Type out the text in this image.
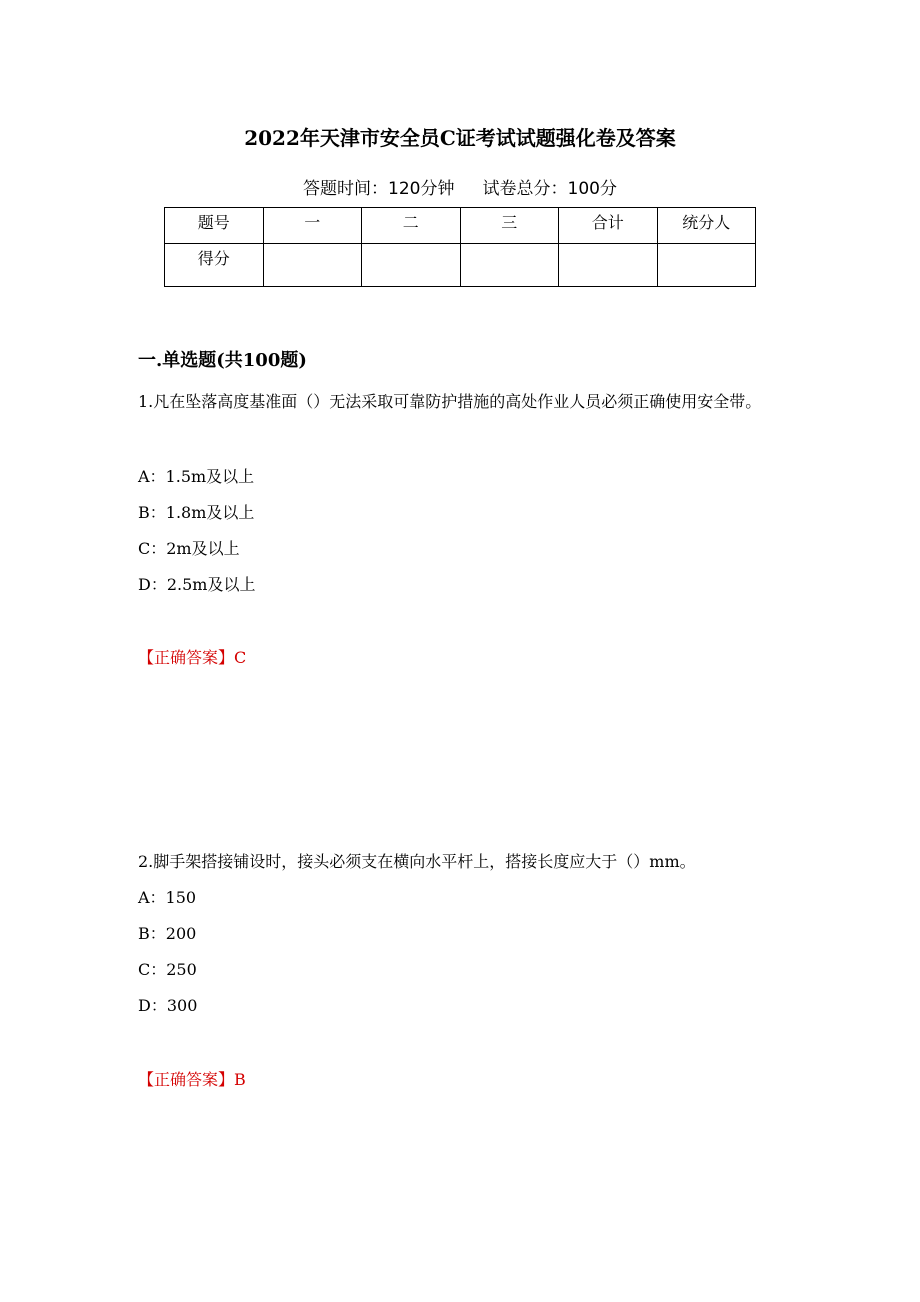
2022年天津市安全员C证考试试题强化卷及答案
答题时间：120分钟 试卷总分：100分
题号	一	二	三	合计	统分人
得分					
一.单选题(共100题)
1.凡在坠落高度基准面（）无法采取可靠防护措施的高处作业人员必须正确使用安全带。
A：1.5m及以上
B：1.8m及以上
C：2m及以上
D：2.5m及以上
【正确答案】C
2.脚手架搭接铺设时，接头必须支在横向水平杆上，搭接长度应大于（）mm。
A：150
B：200
C：250
D：300
【正确答案】B
